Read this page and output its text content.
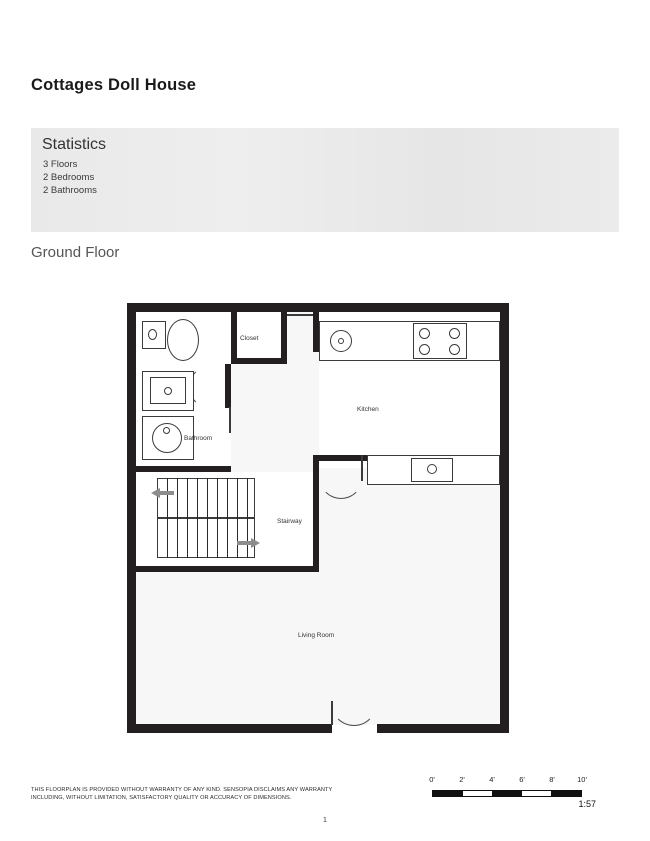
Cottages Doll House
Statistics
3 Floors
2 Bedrooms
2 Bathrooms
Ground Floor
Closet
Bathroom
Kitchen
Stairway
Living Room
THIS FLOORPLAN IS PROVIDED WITHOUT WARRANTY OF ANY KIND. SENSOPIA DISCLAIMS ANY WARRANTY INCLUDING, WITHOUT LIMITATION, SATISFACTORY QUALITY OR ACCURACY OF DIMENSIONS.
1
0'	2'	4'	6'	8'	10'
1:57
